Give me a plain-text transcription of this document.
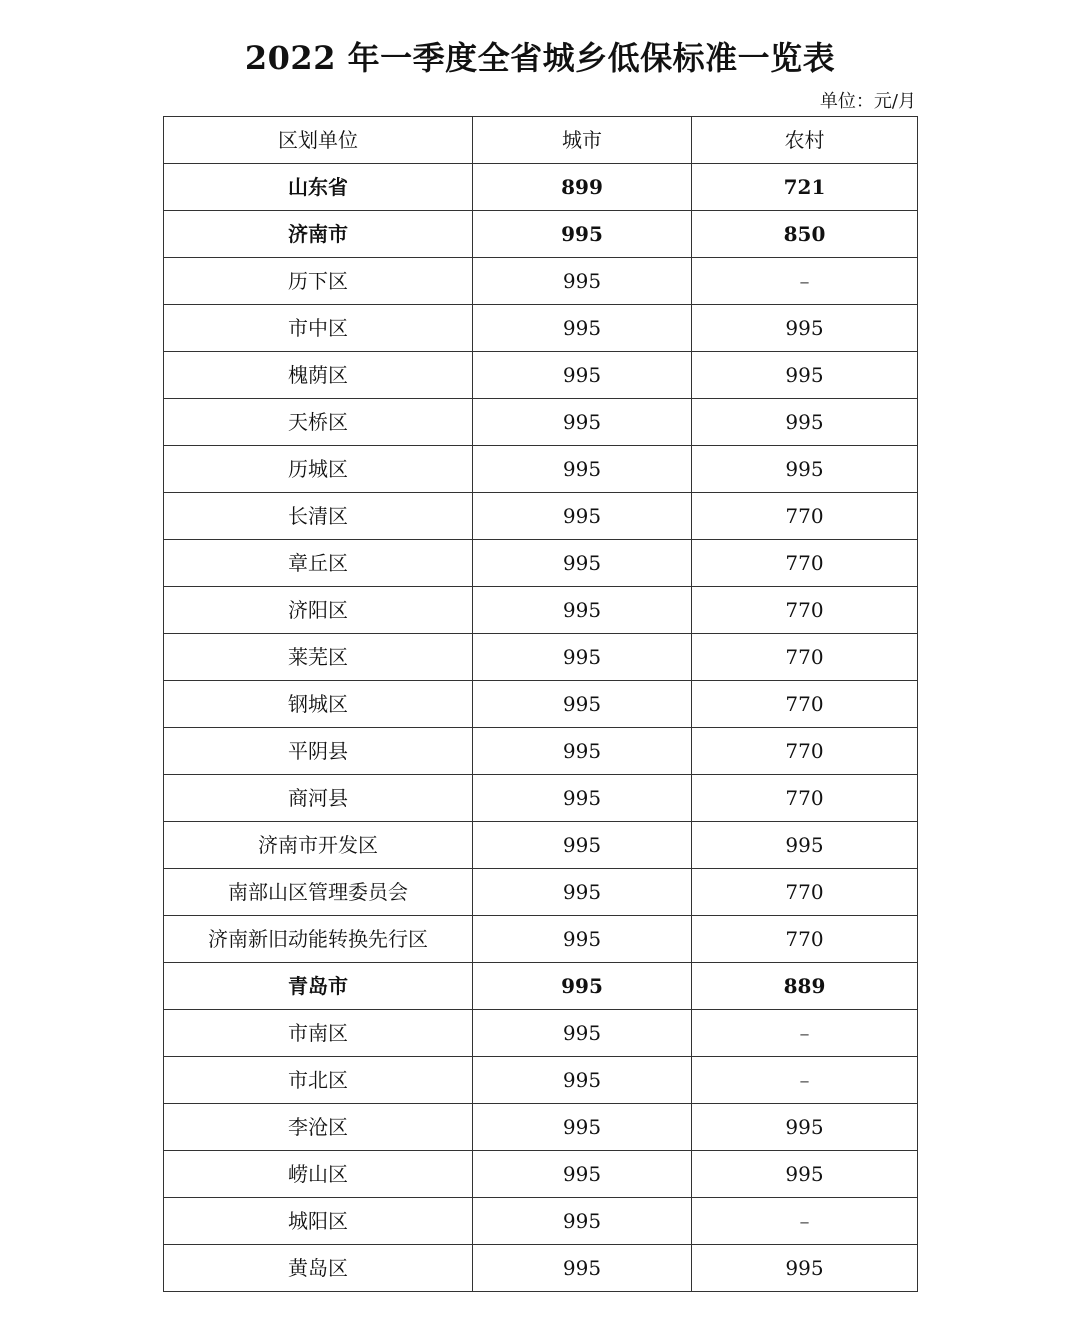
2022 年一季度全省城乡低保标准一览表
单位：元/月
区划单位	城市	农村
山东省	899	721
济南市	995	850
历下区	995	–
市中区	995	995
槐荫区	995	995
天桥区	995	995
历城区	995	995
长清区	995	770
章丘区	995	770
济阳区	995	770
莱芜区	995	770
钢城区	995	770
平阴县	995	770
商河县	995	770
济南市开发区	995	995
南部山区管理委员会	995	770
济南新旧动能转换先行区	995	770
青岛市	995	889
市南区	995	–
市北区	995	–
李沧区	995	995
崂山区	995	995
城阳区	995	–
黄岛区	995	995
